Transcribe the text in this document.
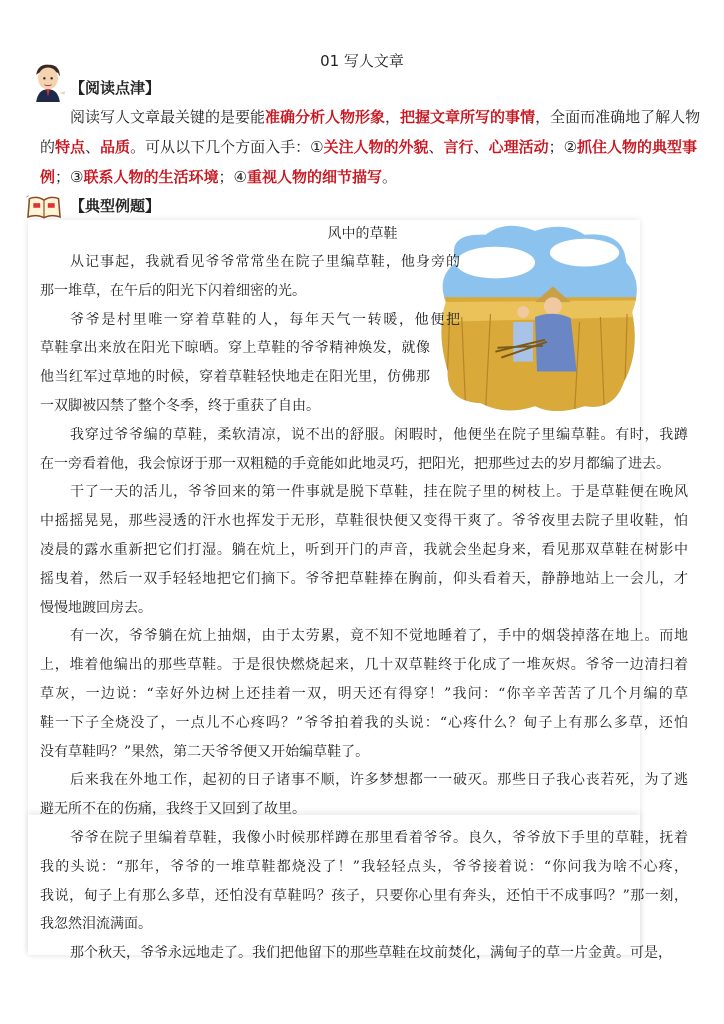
01 写人文章
【阅读点津】
阅读写人文章最关键的是要能准确分析人物形象，把握文章所写的事情，全面而准确地了解人物
的特点、品质。可从以下几个方面入手：①关注人物的外貌、言行、心理活动；②抓住人物的典型事
例；③联系人物的生活环境；④重视人物的细节描写。
【典型例题】
风中的草鞋
从记事起，我就看见爷爷常常坐在院子里编草鞋，他身旁的
那一堆草，在午后的阳光下闪着细密的光。
爷爷是村里唯一穿着草鞋的人，每年天气一转暖，他便把
草鞋拿出来放在阳光下晾晒。穿上草鞋的爷爷精神焕发，就像
他当红军过草地的时候，穿着草鞋轻快地走在阳光里，仿佛那
一双脚被囚禁了整个冬季，终于重获了自由。
我穿过爷爷编的草鞋，柔软清凉，说不出的舒服。闲暇时，他便坐在院子里编草鞋。有时，我蹲
在一旁看着他，我会惊讶于那一双粗糙的手竟能如此地灵巧，把阳光，把那些过去的岁月都编了进去。
干了一天的活儿，爷爷回来的第一件事就是脱下草鞋，挂在院子里的树枝上。于是草鞋便在晚风
中摇摇晃晃，那些浸透的汗水也挥发于无形，草鞋很快便又变得干爽了。爷爷夜里去院子里收鞋，怕
凌晨的露水重新把它们打湿。躺在炕上，听到开门的声音，我就会坐起身来，看见那双草鞋在树影中
摇曳着，然后一双手轻轻地把它们摘下。爷爷把草鞋捧在胸前，仰头看着天，静静地站上一会儿，才
慢慢地踱回房去。
有一次，爷爷躺在炕上抽烟，由于太劳累，竟不知不觉地睡着了，手中的烟袋掉落在地上。而地
上，堆着他编出的那些草鞋。于是很快燃烧起来，几十双草鞋终于化成了一堆灰烬。爷爷一边清扫着
草灰，一边说：“幸好外边树上还挂着一双，明天还有得穿！”我问：“你辛辛苦苦了几个月编的草
鞋一下子全烧没了，一点儿不心疼吗？”爷爷拍着我的头说：“心疼什么？甸子上有那么多草，还怕
没有草鞋吗？”果然，第二天爷爷便又开始编草鞋了。
后来我在外地工作，起初的日子诸事不顺，许多梦想都一一破灭。那些日子我心丧若死，为了逃
避无所不在的伤痛，我终于又回到了故里。
爷爷在院子里编着草鞋，我像小时候那样蹲在那里看着爷爷。良久，爷爷放下手里的草鞋，抚着
我的头说：“那年，爷爷的一堆草鞋都烧没了！”我轻轻点头，爷爷接着说：“你问我为啥不心疼，
我说，甸子上有那么多草，还怕没有草鞋吗？孩子，只要你心里有奔头，还怕干不成事吗？”那一刻，
我忽然泪流满面。
那个秋天，爷爷永远地走了。我们把他留下的那些草鞋在坟前焚化，满甸子的草一片金黄。可是，
